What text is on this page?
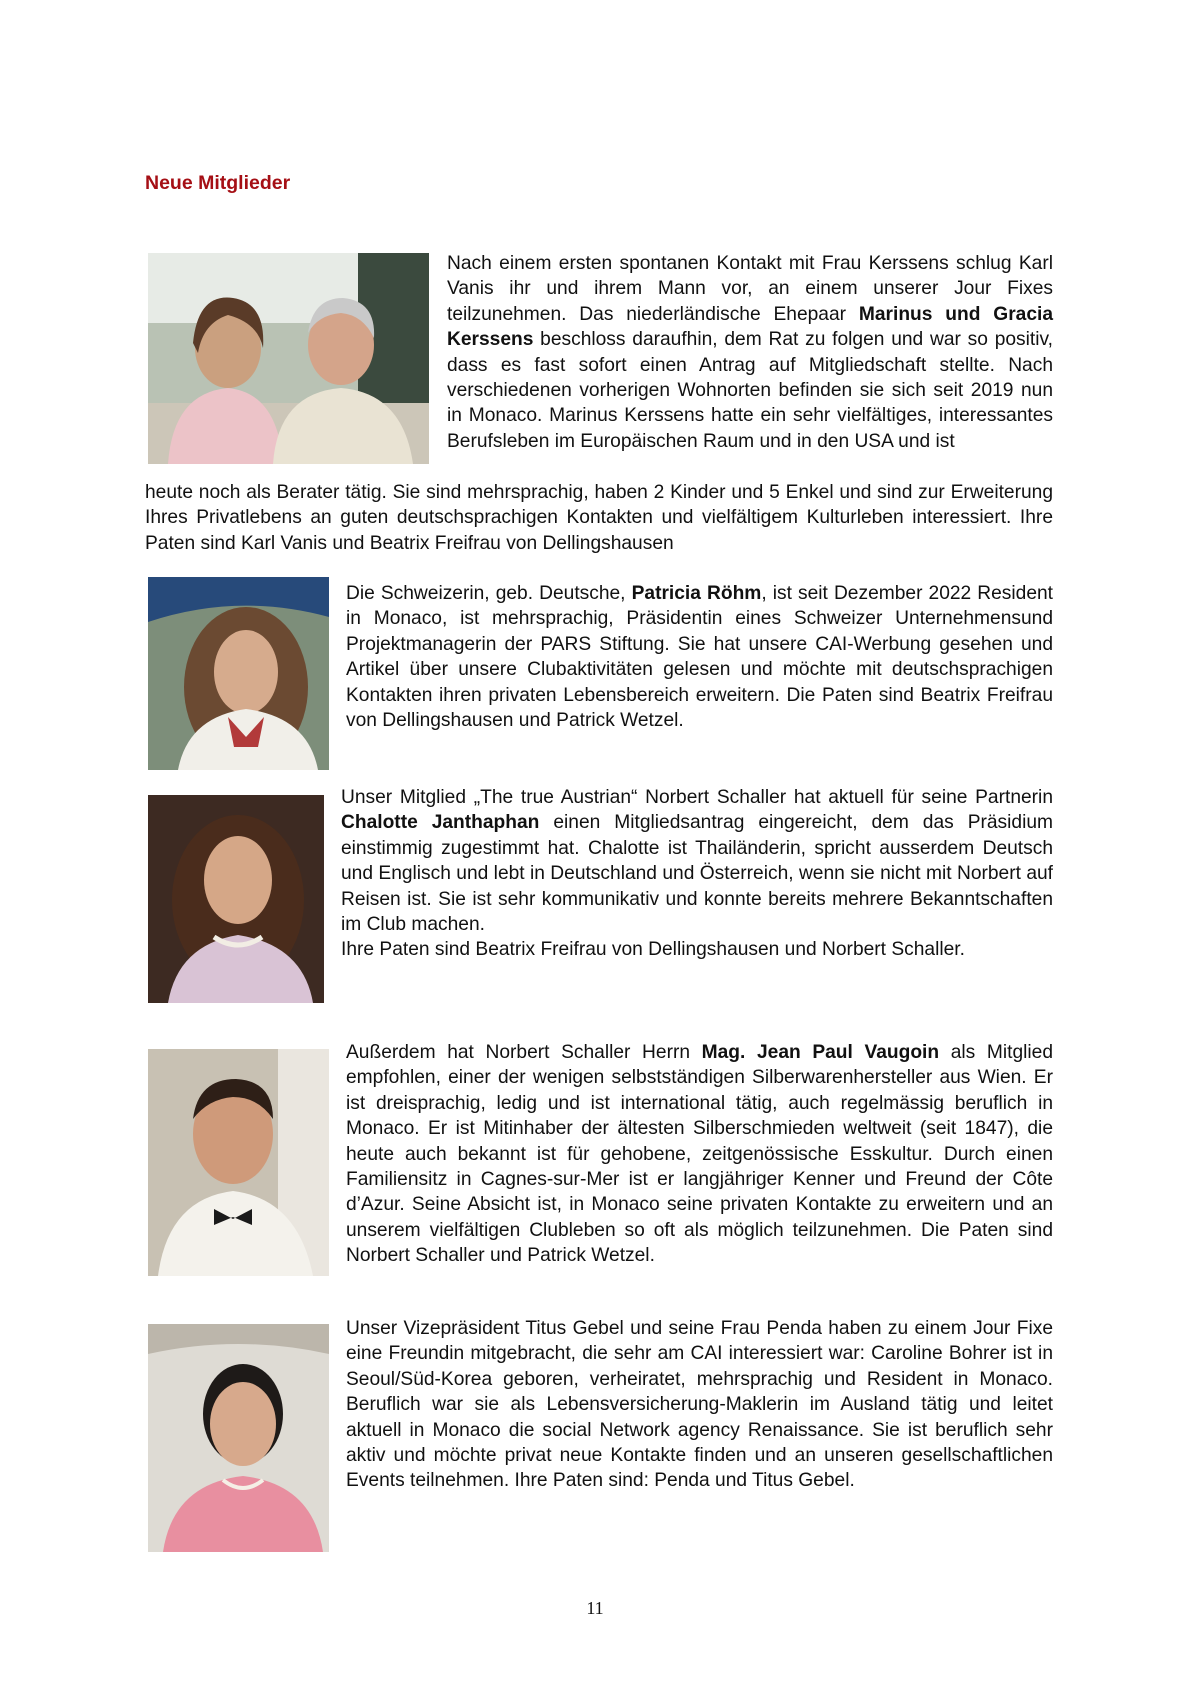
Neue Mitglieder
Nach einem ersten spontanen Kontakt mit Frau Kerssens schlug Karl Vanis ihr und ihrem Mann vor, an einem unserer Jour Fixes teilzunehmen. Das niederländische Ehepaar Marinus und Gracia Kerssens beschloss daraufhin, dem Rat zu folgen und war so positiv, dass es fast sofort einen Antrag auf Mitgliedschaft stellte. Nach verschiedenen vorherigen Wohnorten befinden sie sich seit 2019 nun in Monaco. Marinus Kerssens hatte ein sehr vielfältiges, interessantes Berufsleben im Europäischen Raum und in den USA und ist
heute noch als Berater tätig. Sie sind mehrsprachig, haben 2 Kinder und 5 Enkel und sind zur Erweiterung Ihres Privatlebens an guten deutschsprachigen Kontakten und vielfältigem Kulturleben interessiert. Ihre Paten sind Karl Vanis und Beatrix Freifrau von Dellingshausen
Die Schweizerin, geb. Deutsche, Patricia Röhm, ist seit Dezember 2022 Resident in Monaco, ist mehrsprachig, Präsidentin eines Schweizer Unternehmensund Projektmanagerin der PARS Stiftung. Sie hat unsere CAI-Werbung gesehen und Artikel über unsere Clubaktivitäten gelesen und möchte mit deutschsprachigen Kontakten ihren privaten Lebensbereich erweitern. Die Paten sind Beatrix Freifrau von Dellingshausen und Patrick Wetzel.
Unser Mitglied „The true Austrian“ Norbert Schaller hat aktuell für seine Partnerin Chalotte Janthaphan einen Mitgliedsantrag eingereicht, dem das Präsidium einstimmig zugestimmt hat. Chalotte ist Thailänderin, spricht ausserdem Deutsch und Englisch und lebt in Deutschland und Österreich, wenn sie nicht mit Norbert auf Reisen ist. Sie ist sehr kommunikativ und konnte bereits mehrere Bekanntschaften im Club machen.
Ihre Paten sind Beatrix Freifrau von Dellingshausen und Norbert Schaller.
Außerdem hat Norbert Schaller Herrn Mag. Jean Paul Vaugoin als Mitglied empfohlen, einer der wenigen selbstständigen Silberwarenhersteller aus Wien. Er ist dreisprachig, ledig und ist international tätig, auch regelmässig beruflich in Monaco. Er ist Mitinhaber der ältesten Silberschmieden weltweit (seit 1847), die heute auch bekannt ist für gehobene, zeitgenössische Esskultur. Durch einen Familiensitz in Cagnes-sur-Mer ist er langjähriger Kenner und Freund der Côte d’Azur. Seine Absicht ist, in Monaco seine privaten Kontakte zu erweitern und an unserem vielfältigen Clubleben so oft als möglich teilzunehmen. Die Paten sind Norbert Schaller und Patrick Wetzel.
Unser Vizepräsident Titus Gebel und seine Frau Penda haben zu einem Jour Fixe eine Freundin mitgebracht, die sehr am CAI interessiert war: Caroline Bohrer ist in Seoul/Süd-Korea geboren, verheiratet, mehrsprachig und Resident in Monaco. Beruflich war sie als Lebensversicherung-Maklerin im Ausland tätig und leitet aktuell in Monaco die social Network agency Renaissance. Sie ist beruflich sehr aktiv und möchte privat neue Kontakte finden und an unseren gesellschaftlichen Events teilnehmen. Ihre Paten sind: Penda und Titus Gebel.
11
